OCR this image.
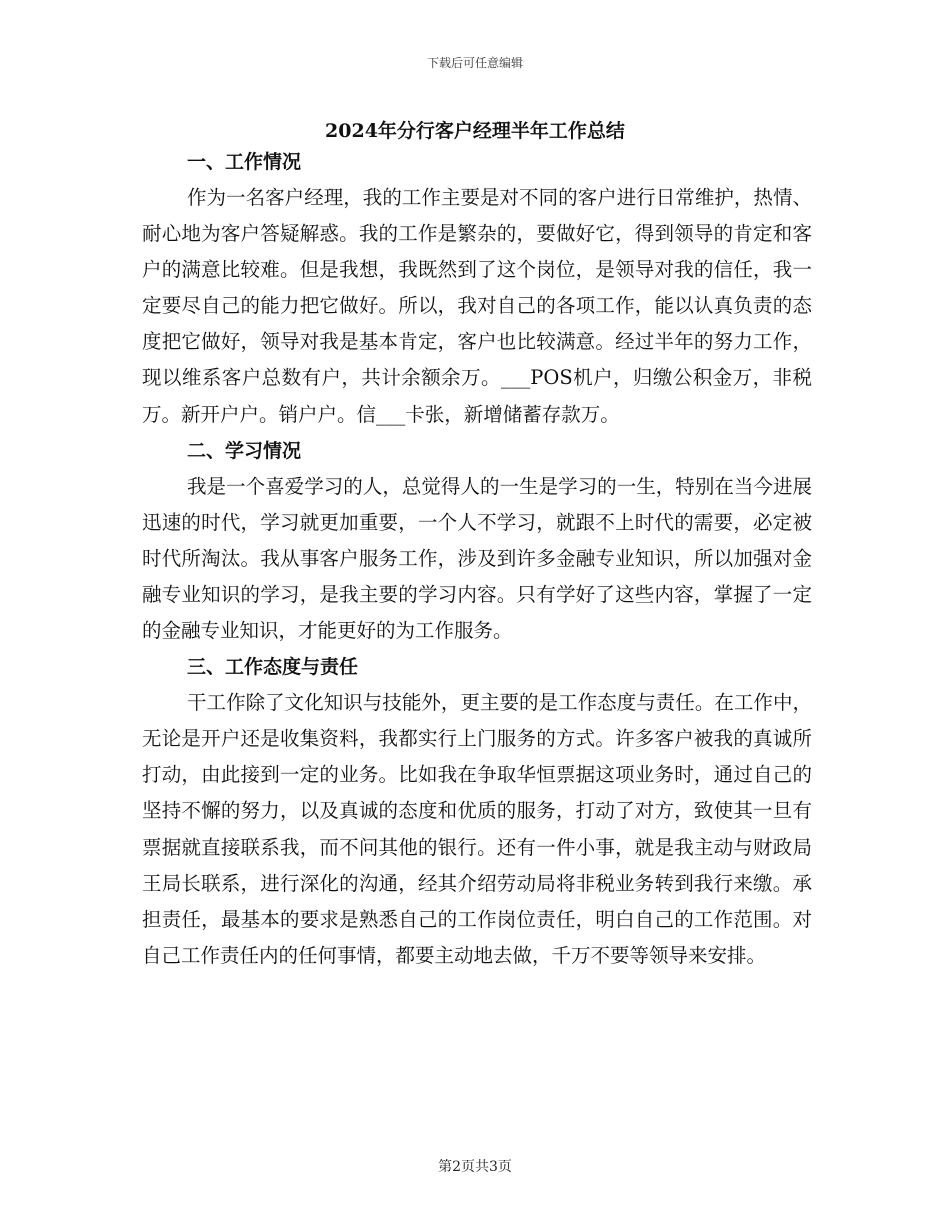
下载后可任意编辑
2024年分行客户经理半年工作总结
一、工作情况

作为一名客户经理，我的工作主要是对不同的客户进行日常维护，热情、耐心地为客户答疑解惑。我的工作是繁杂的，要做好它，得到领导的肯定和客户的满意比较难。但是我想，我既然到了这个岗位，是领导对我的信任，我一定要尽自己的能力把它做好。所以，我对自己的各项工作，能以认真负责的态度把它做好，领导对我是基本肯定，客户也比较满意。经过半年的努力工作，现以维系客户总数有户，共计余额余万。___POS机户，归缴公积金万，非税万。新开户户。销户户。信___卡张，新增储蓄存款万。

二、学习情况

我是一个喜爱学习的人，总觉得人的一生是学习的一生，特别在当今进展迅速的时代，学习就更加重要，一个人不学习，就跟不上时代的需要，必定被时代所淘汰。我从事客户服务工作，涉及到许多金融专业知识，所以加强对金融专业知识的学习，是我主要的学习内容。只有学好了这些内容，掌握了一定的金融专业知识，才能更好的为工作服务。

三、工作态度与责任

干工作除了文化知识与技能外，更主要的是工作态度与责任。在工作中，无论是开户还是收集资料，我都实行上门服务的方式。许多客户被我的真诚所打动，由此接到一定的业务。比如我在争取华恒票据这项业务时，通过自己的坚持不懈的努力，以及真诚的态度和优质的服务，打动了对方，致使其一旦有票据就直接联系我，而不问其他的银行。还有一件小事，就是我主动与财政局王局长联系，进行深化的沟通，经其介绍劳动局将非税业务转到我行来缴。承担责任，最基本的要求是熟悉自己的工作岗位责任，明白自己的工作范围。对自己工作责任内的任何事情，都要主动地去做，千万不要等领导来安排。

第2页共3页
